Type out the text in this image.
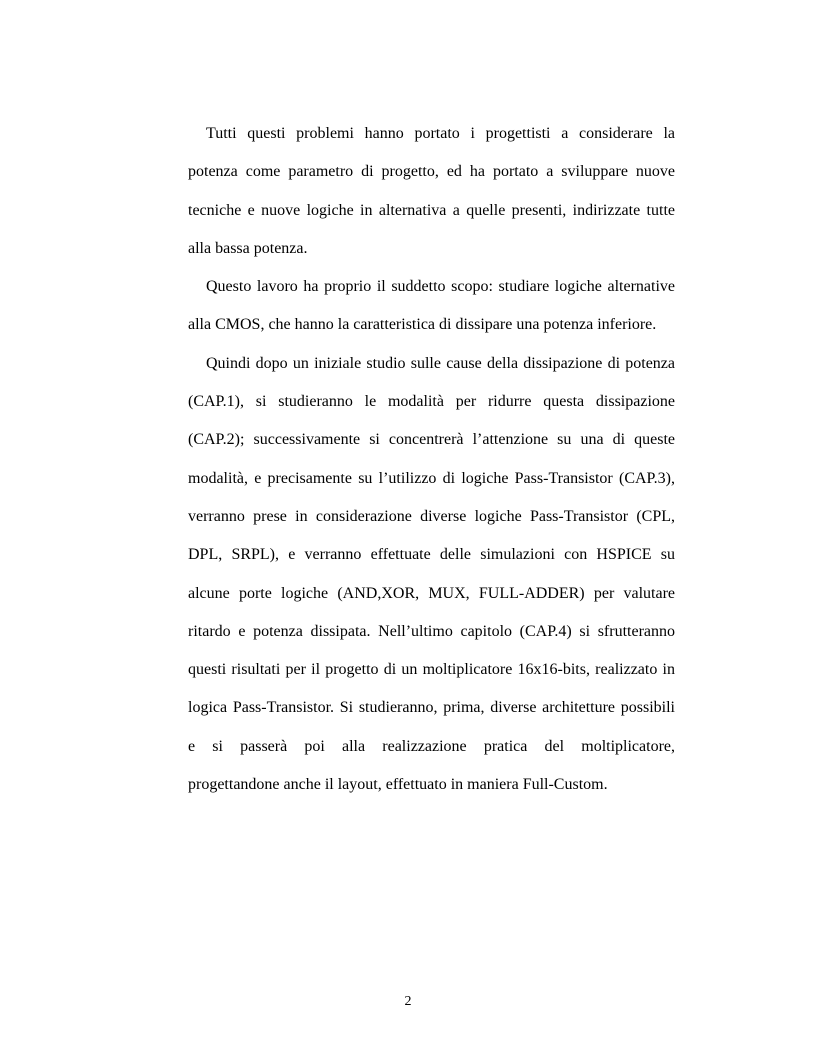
Tutti questi problemi hanno portato i progettisti a considerare la
potenza come parametro di progetto, ed ha portato a sviluppare nuove
tecniche e nuove logiche in alternativa a quelle presenti, indirizzate tutte
alla bassa potenza.
Questo lavoro ha proprio il suddetto scopo: studiare logiche alternative
alla CMOS, che hanno la caratteristica di dissipare una potenza inferiore.
Quindi dopo un iniziale studio sulle cause della dissipazione di potenza
(CAP.1), si studieranno le modalità per ridurre questa dissipazione
(CAP.2); successivamente si concentrerà l’attenzione su una di queste
modalità, e precisamente su l’utilizzo di logiche Pass-Transistor (CAP.3),
verranno prese in considerazione diverse logiche Pass-Transistor (CPL,
DPL, SRPL), e verranno effettuate delle simulazioni con HSPICE su
alcune porte logiche (AND,XOR, MUX, FULL-ADDER) per valutare
ritardo e potenza dissipata. Nell’ultimo capitolo (CAP.4) si sfrutteranno
questi risultati per il progetto di un moltiplicatore 16x16-bits, realizzato in
logica Pass-Transistor. Si studieranno, prima, diverse architetture possibili
e si passerà poi alla realizzazione pratica del moltiplicatore,
progettandone anche il layout, effettuato in maniera Full-Custom.
2
